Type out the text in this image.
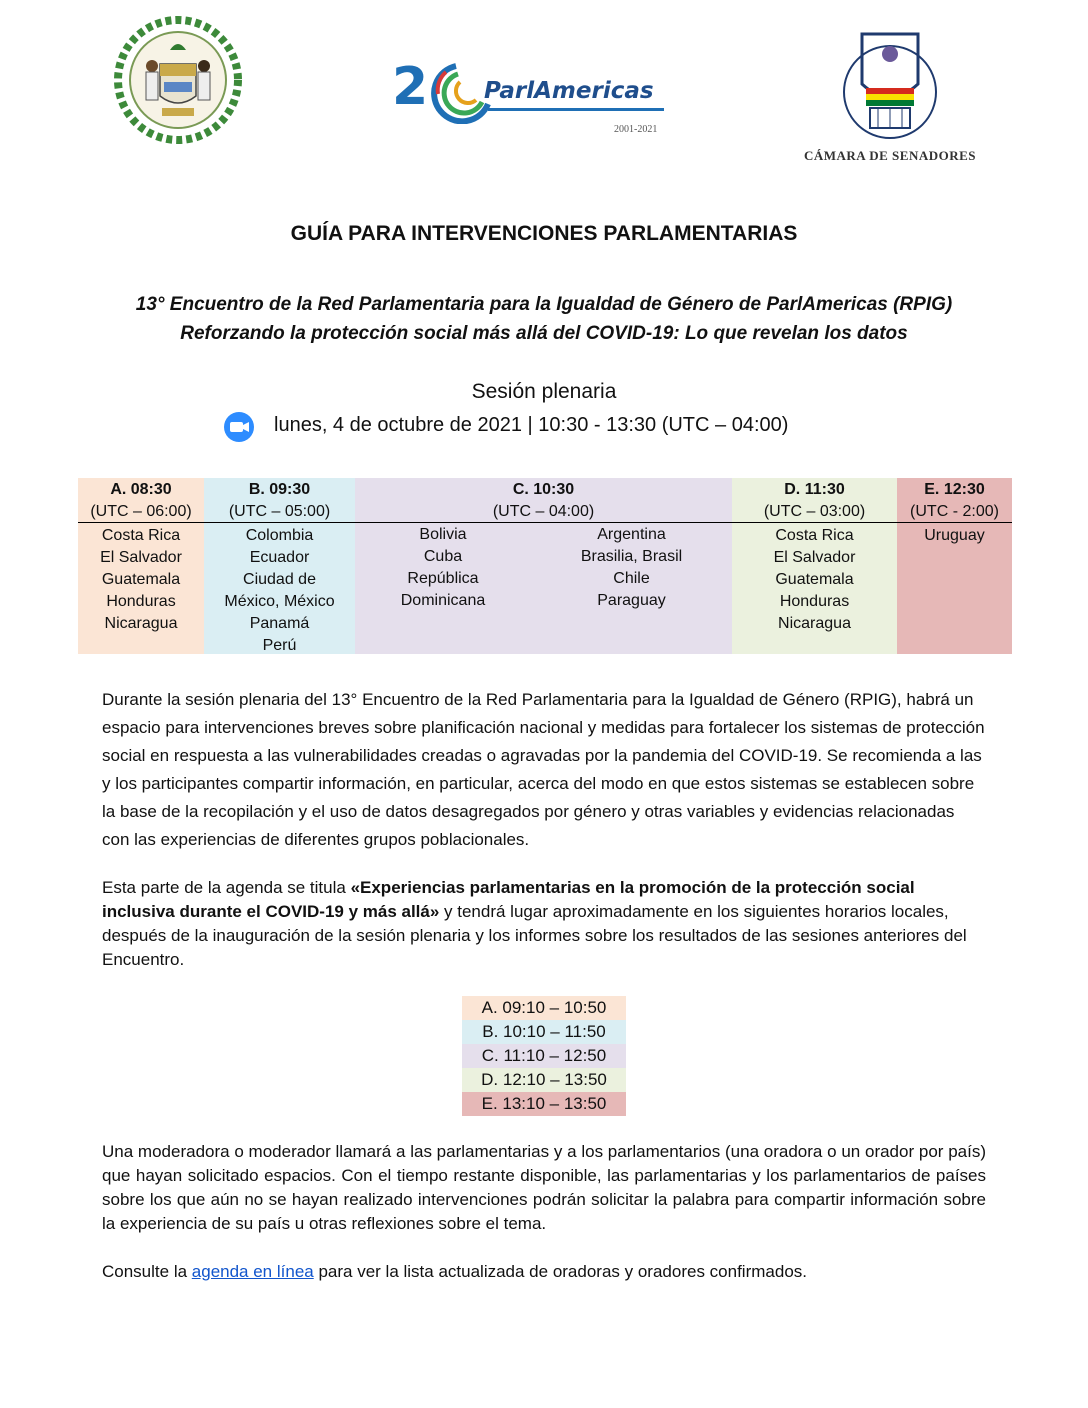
2 ParlAmericas
2001-2021
CÁMARA DE SENADORES
GUÍA PARA INTERVENCIONES PARLAMENTARIAS
13° Encuentro de la Red Parlamentaria para la Igualdad de Género de ParlAmericas (RPIG)
Reforzando la protección social más allá del COVID-19: Lo que revelan los datos
Sesión plenaria
lunes, 4 de octubre de 2021 | 10:30 - 13:30 (UTC – 04:00)
A. 08:30
(UTC – 06:00)
Costa Rica
El Salvador
Guatemala
Honduras
Nicaragua
B. 09:30
(UTC – 05:00)
Colombia
Ecuador
Ciudad de
México, México
Panamá
Perú
C. 10:30
(UTC – 04:00)
Bolivia
Cuba
República
Dominicana
Argentina
Brasilia, Brasil
Chile
Paraguay
D. 11:30
(UTC – 03:00)
Costa Rica
El Salvador
Guatemala
Honduras
Nicaragua
E. 12:30
(UTC - 2:00)
Uruguay
Durante la sesión plenaria del 13° Encuentro de la Red Parlamentaria para la Igualdad de Género (RPIG), habrá un espacio para intervenciones breves sobre planificación nacional y medidas para fortalecer los sistemas de protección social en respuesta a las vulnerabilidades creadas o agravadas por la pandemia del COVID-19. Se recomienda a las y los participantes compartir información, en particular, acerca del modo en que estos sistemas se establecen sobre la base de la recopilación y el uso de datos desagregados por género y otras variables y evidencias relacionadas con las experiencias de diferentes grupos poblacionales.
Esta parte de la agenda se titula «Experiencias parlamentarias en la promoción de la protección social inclusiva durante el COVID-19 y más allá» y tendrá lugar aproximadamente en los siguientes horarios locales, después de la inauguración de la sesión plenaria y los informes sobre los resultados de las sesiones anteriores del Encuentro.
A. 09:10 – 10:50
B. 10:10 – 11:50
C. 11:10 – 12:50
D. 12:10 – 13:50
E. 13:10 – 13:50
Una moderadora o moderador llamará a las parlamentarias y a los parlamentarios (una oradora o un orador por país) que hayan solicitado espacios. Con el tiempo restante disponible, las parlamentarias y los parlamentarios de países sobre los que aún no se hayan realizado intervenciones podrán solicitar la palabra para compartir información sobre la experiencia de su país u otras reflexiones sobre el tema.
Consulte la agenda en línea para ver la lista actualizada de oradoras y oradores confirmados.
